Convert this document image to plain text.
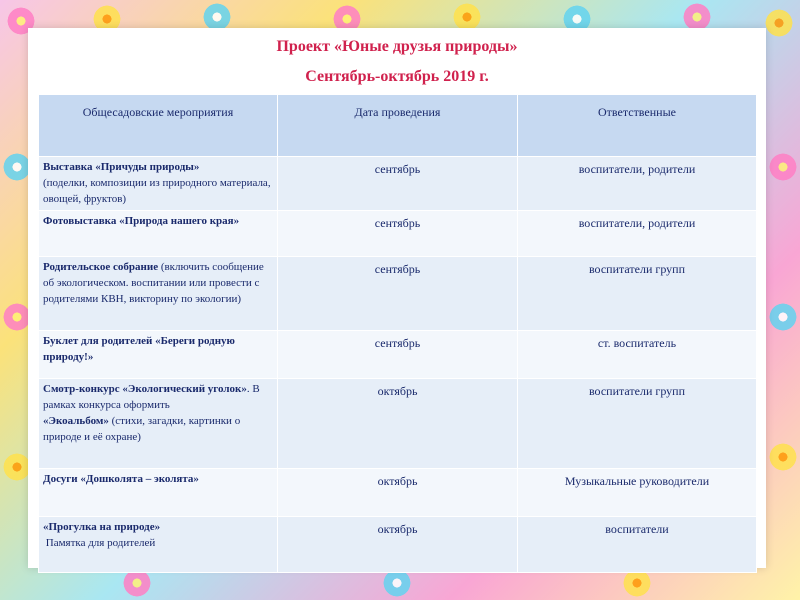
Проект «Юные друзья природы»
Сентябрь-октябрь 2019 г.
Общесадовские мероприятия	Дата проведения	Ответственные
Выставка «Причуды природы»
(поделки, композиции из природного материала, овощей, фруктов)	сентябрь	воспитатели, родители
Фотовыставка «Природа нашего края»	сентябрь	воспитатели, родители
Родительское собрание (включить сообщение об экологическом. воспитании или провести с родителями КВН, викторину по экологии)	сентябрь	воспитатели групп
Буклет для родителей «Береги родную природу!»	сентябрь	ст. воспитатель
Смотр-конкурс «Экологический уголок». В рамках конкурса оформить
«Экоальбом» (стихи, загадки, картинки о природе и её охране)	октябрь	воспитатели групп
Досуги «Дошколята – эколята»	октябрь	Музыкальные руководители
«Прогулка на природе»
Памятка для родителей	октябрь	воспитатели
